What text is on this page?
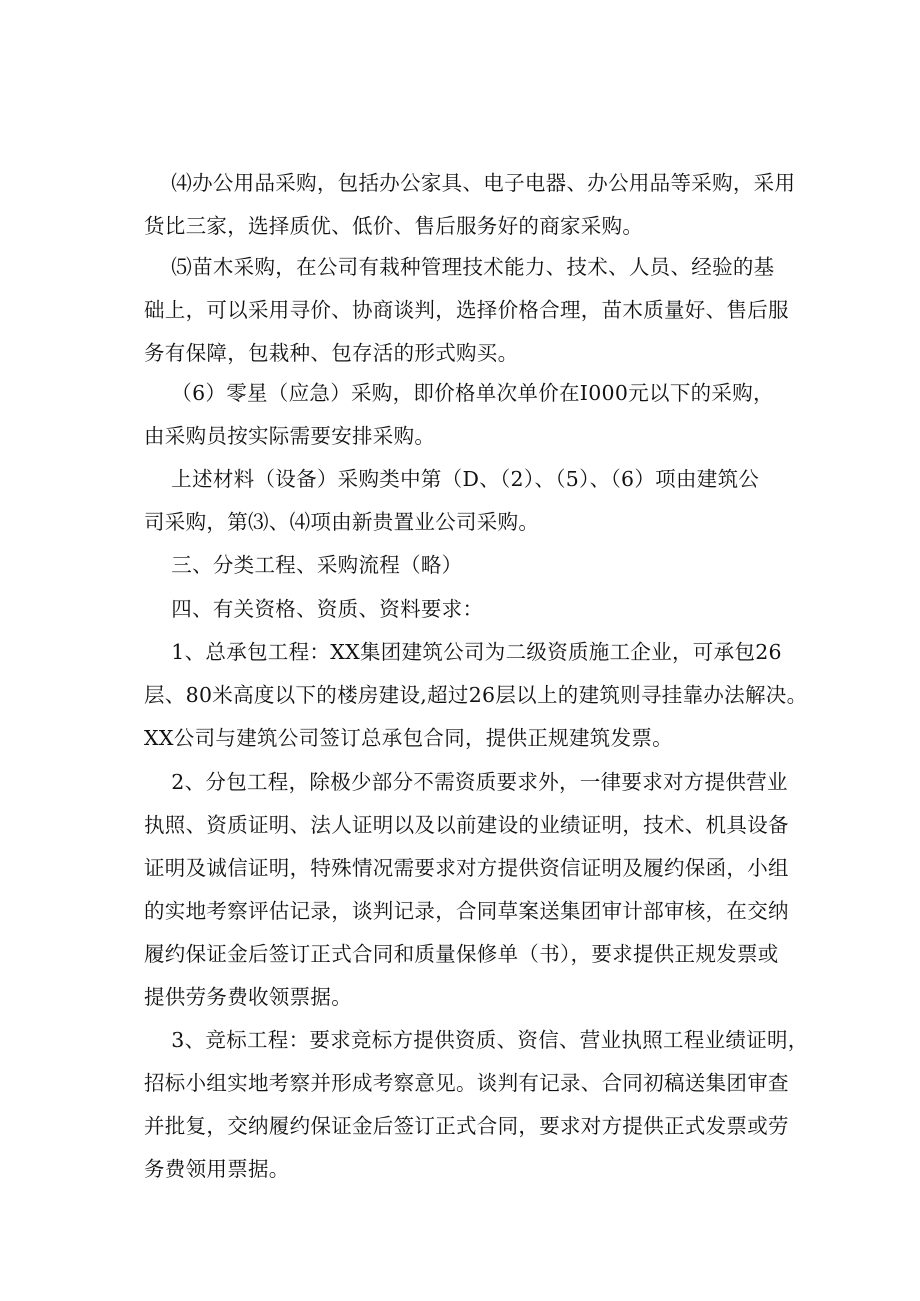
⑷办公用品采购，包括办公家具、电子电器、办公用品等采购，采用
货比三家，选择质优、低价、售后服务好的商家采购。
⑸苗木采购，在公司有栽种管理技术能力、技术、人员、经验的基
础上，可以采用寻价、协商谈判，选择价格合理，苗木质量好、售后服
务有保障，包栽种、包存活的形式购买。
（6）零星（应急）采购，即价格单次单价在I000元以下的采购，
由采购员按实际需要安排采购。
上述材料（设备）采购类中第（D、（2）、（5）、（6）项由建筑公
司采购，第⑶、⑷项由新贵置业公司采购。
三、分类工程、采购流程（略）
四、有关资格、资质、资料要求：
1、总承包工程：XX集团建筑公司为二级资质施工企业，可承包26
层、80米高度以下的楼房建设,超过26层以上的建筑则寻挂靠办法解决。
XX公司与建筑公司签订总承包合同，提供正规建筑发票。
2、分包工程，除极少部分不需资质要求外，一律要求对方提供营业
执照、资质证明、法人证明以及以前建设的业绩证明，技术、机具设备
证明及诚信证明，特殊情况需要求对方提供资信证明及履约保函，小组
的实地考察评估记录，谈判记录，合同草案送集团审计部审核，在交纳
履约保证金后签订正式合同和质量保修单（书），要求提供正规发票或
提供劳务费收领票据。
3、竞标工程：要求竞标方提供资质、资信、营业执照工程业绩证明，
招标小组实地考察并形成考察意见。谈判有记录、合同初稿送集团审查
并批复，交纳履约保证金后签订正式合同，要求对方提供正式发票或劳
务费领用票据。
